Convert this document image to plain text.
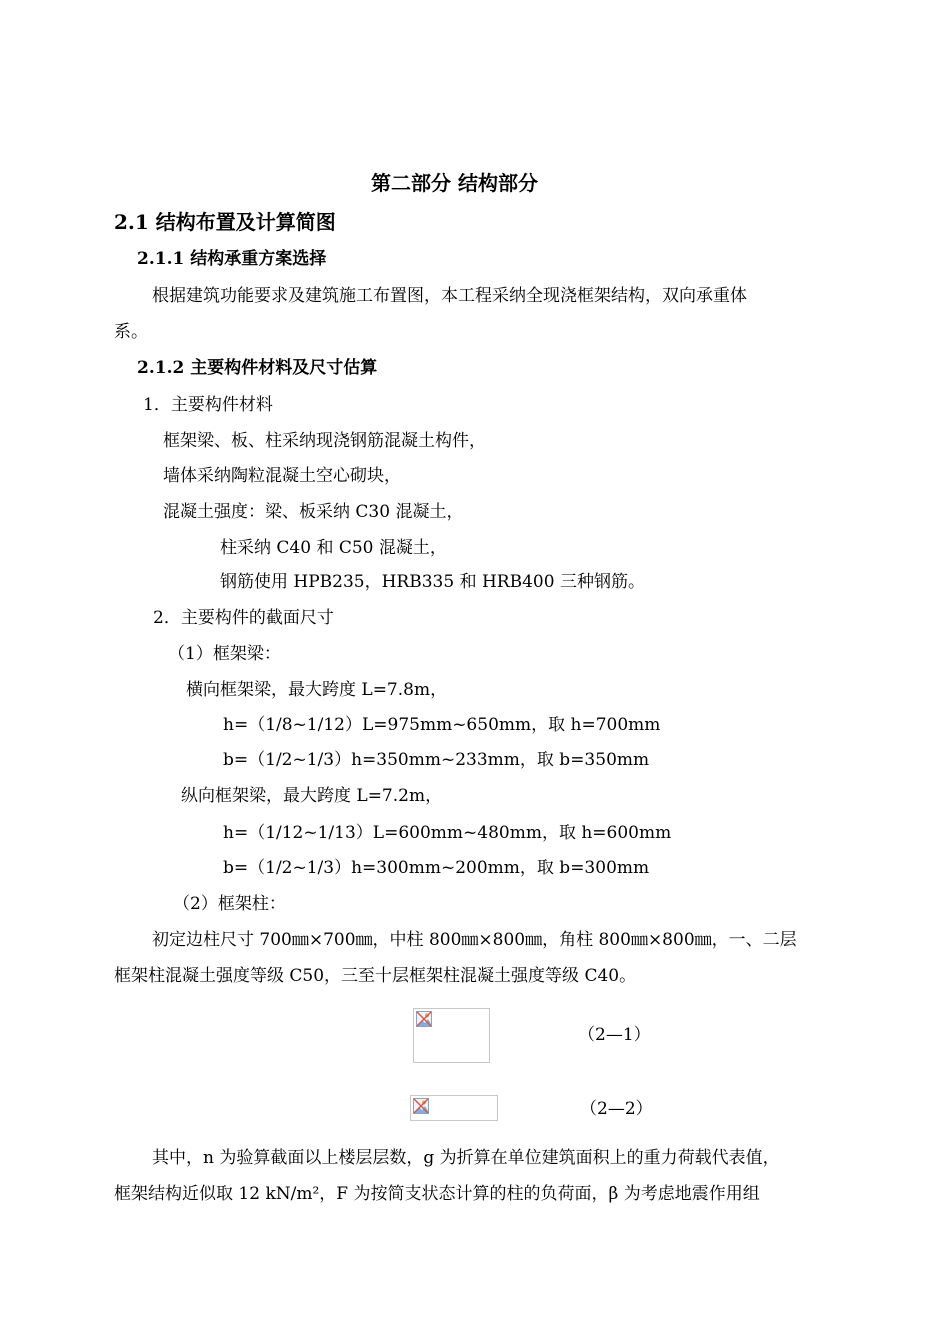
第二部分 结构部分
2.1 结构布置及计算简图
2.1.1 结构承重方案选择
根据建筑功能要求及建筑施工布置图，本工程采纳全现浇框架结构，双向承重体
系。
2.1.2 主要构件材料及尺寸估算
1．主要构件材料
框架梁、板、柱采纳现浇钢筋混凝土构件，
墙体采纳陶粒混凝土空心砌块，
混凝土强度：梁、板采纳 C30 混凝土，
柱采纳 C40 和 C50 混凝土，
钢筋使用 HPB235，HRB335 和 HRB400 三种钢筋。
2．主要构件的截面尺寸
（1）框架梁：
横向框架梁，最大跨度 L=7.8m，
h=（1/8~1/12）L=975mm~650mm，取 h=700mm
b=（1/2~1/3）h=350mm~233mm，取 b=350mm
纵向框架梁，最大跨度 L=7.2m，
h=（1/12~1/13）L=600mm~480mm，取 h=600mm
b=（1/2~1/3）h=300mm~200mm，取 b=300mm
（2）框架柱：
初定边柱尺寸 700㎜×700㎜，中柱 800㎜×800㎜，角柱 800㎜×800㎜，一、二层
框架柱混凝土强度等级 C50，三至十层框架柱混凝土强度等级 C40。
（2—1）
（2—2）
其中，n 为验算截面以上楼层层数，g 为折算在单位建筑面积上的重力荷载代表值，
框架结构近似取 12 kN/m²，F 为按简支状态计算的柱的负荷面，β 为考虑地震作用组
